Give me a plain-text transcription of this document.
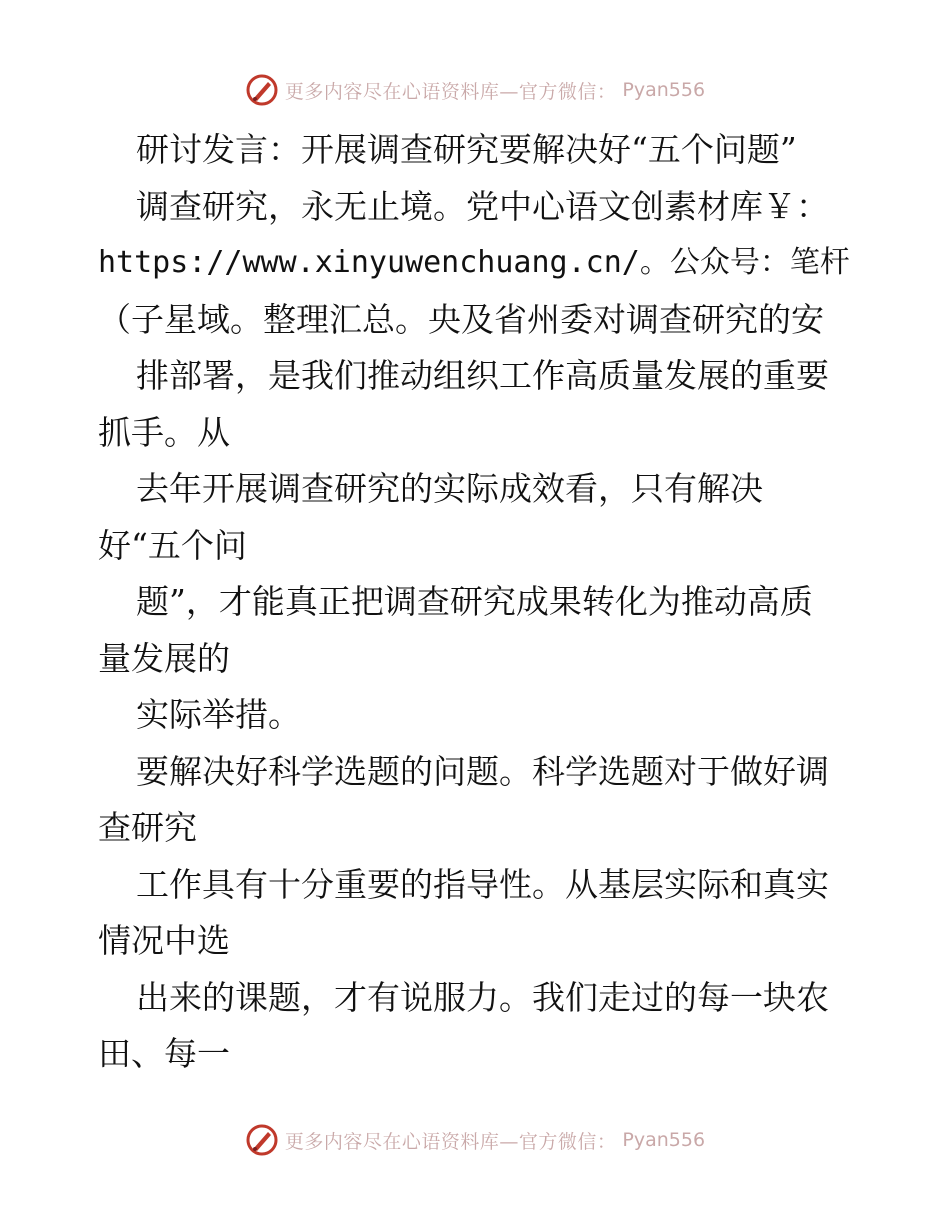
更多内容尽在心语资料库—官方微信： Pyan556
研讨发言：开展调查研究要解决好“五个问题”
调查研究，永无止境。党中心语文创素材库￥：
https://www.xinyuwenchuang.cn/。公众号：笔杆
（子星域。整理汇总。央及省州委对调查研究的安
排部署，是我们推动组织工作高质量发展的重要
抓手。从
去年开展调查研究的实际成效看，只有解决
好“五个问
题”，才能真正把调查研究成果转化为推动高质
量发展的
实际举措。
要解决好科学选题的问题。科学选题对于做好调
查研究
工作具有十分重要的指导性。从基层实际和真实
情况中选
出来的课题，才有说服力。我们走过的每一块农
田、每一
更多内容尽在心语资料库—官方微信： Pyan556
